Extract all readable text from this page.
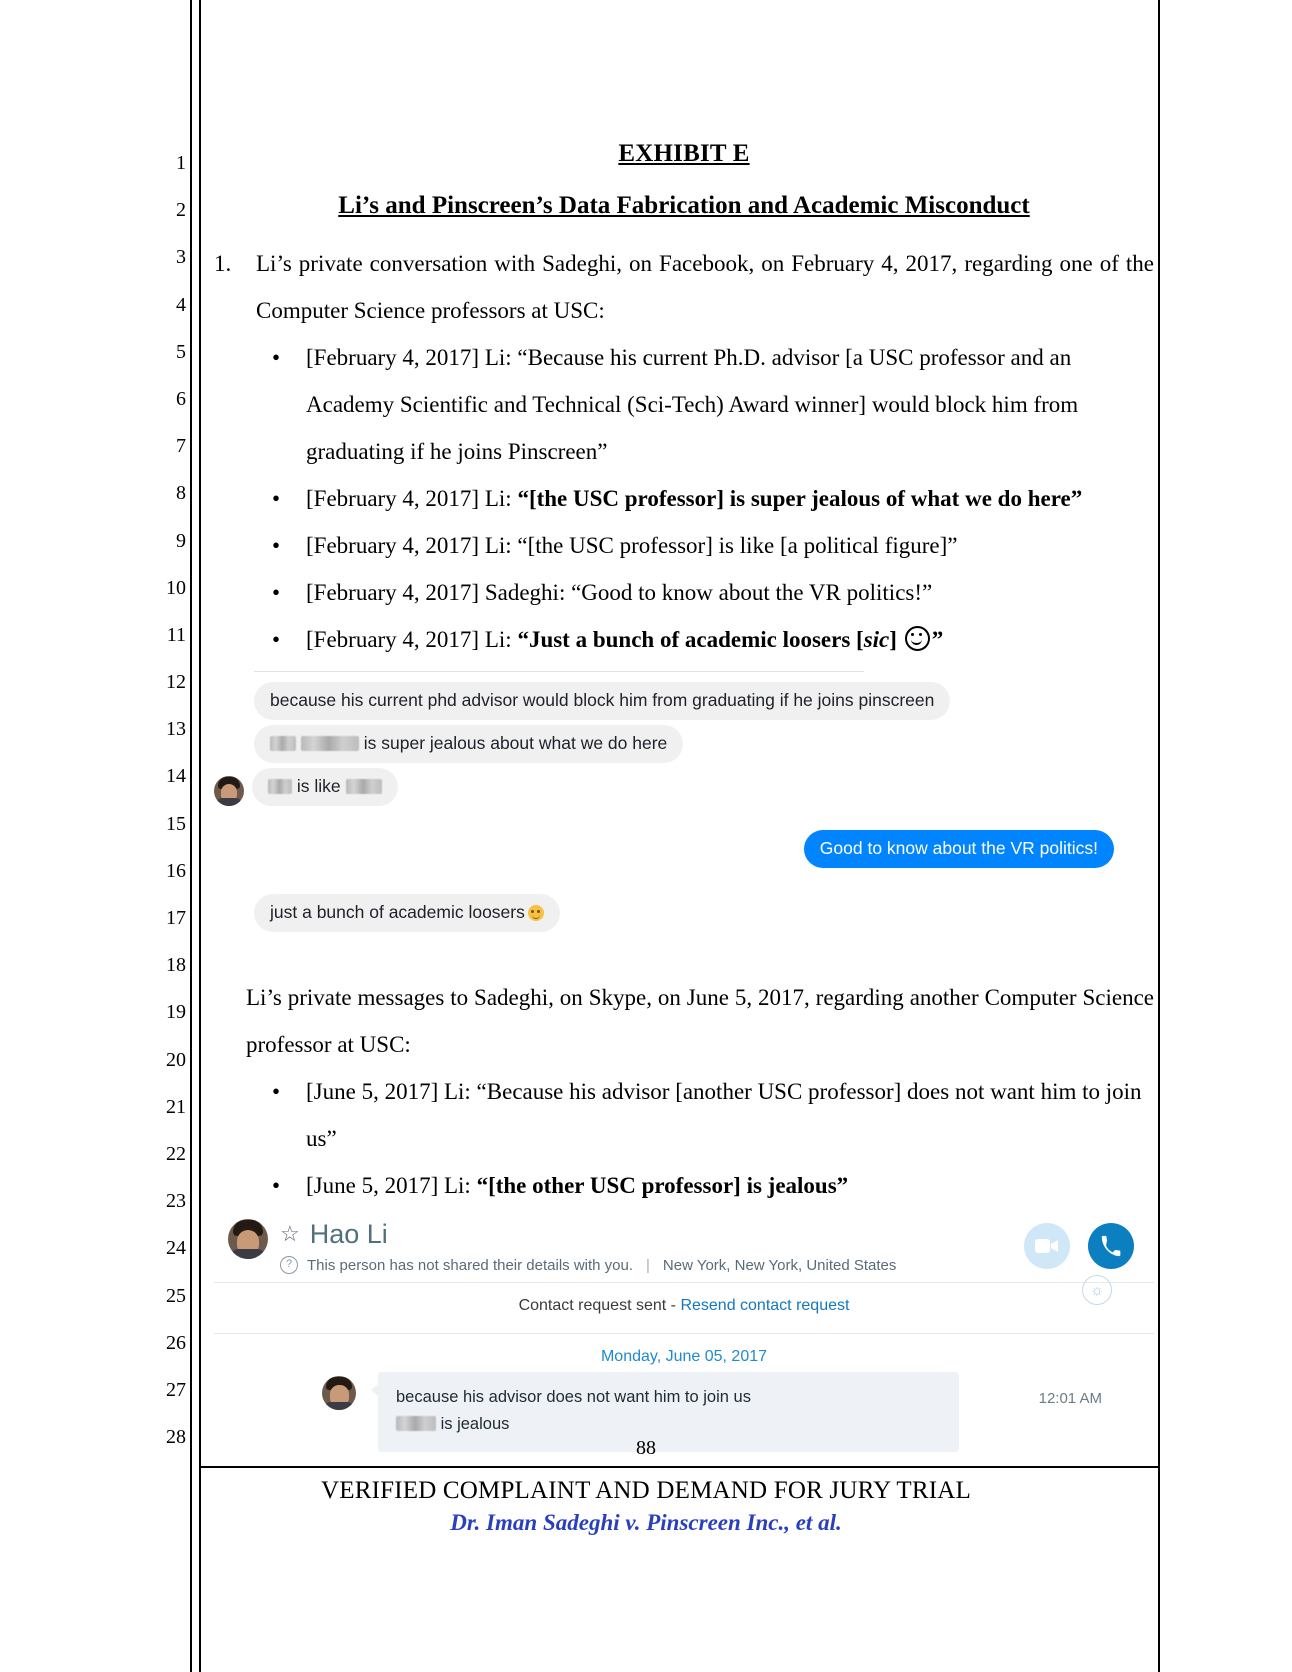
1
2
3
4
5
6
7
8
9
10
11
12
13
14
15
16
17
18
19
20
21
22
23
24
25
26
27
28
EXHIBIT E
Li’s and Pinscreen’s Data Fabrication and Academic Misconduct
1.	Li’s private conversation with Sadeghi, on Facebook, on February 4, 2017, regarding one of the Computer Science professors at USC:
• [February 4, 2017] Li: “Because his current Ph.D. advisor [a USC professor and an Academy Scientific and Technical (Sci-Tech) Award winner] would block him from graduating if he joins Pinscreen”
• [February 4, 2017] Li: “[the USC professor] is super jealous of what we do here”
• [February 4, 2017] Li: “[the USC professor] is like [a political figure]”
• [February 4, 2017] Sadeghi: “Good to know about the VR politics!”
• [February 4, 2017] Li: “Just a bunch of academic loosers [sic] ”
because his current phd advisor would block him from graduating if he joins pinscreen
is super jealous about what we do here
is like
Good to know about the VR politics!
just a bunch of academic loosers
Li’s private messages to Sadeghi, on Skype, on June 5, 2017, regarding another Computer Science professor at USC:
• [June 5, 2017] Li: “Because his advisor [another USC professor] does not want him to join us”
• [June 5, 2017] Li: “[the other USC professor] is jealous”
☆ Hao Li
? This person has not shared their details with you. | New York, New York, United States
☼
Contact request sent - Resend contact request
Monday, June 05, 2017
because his advisor does not want him to join us
is jealous
12:01 AM
88
VERIFIED COMPLAINT AND DEMAND FOR JURY TRIAL
Dr. Iman Sadeghi v. Pinscreen Inc., et al.
